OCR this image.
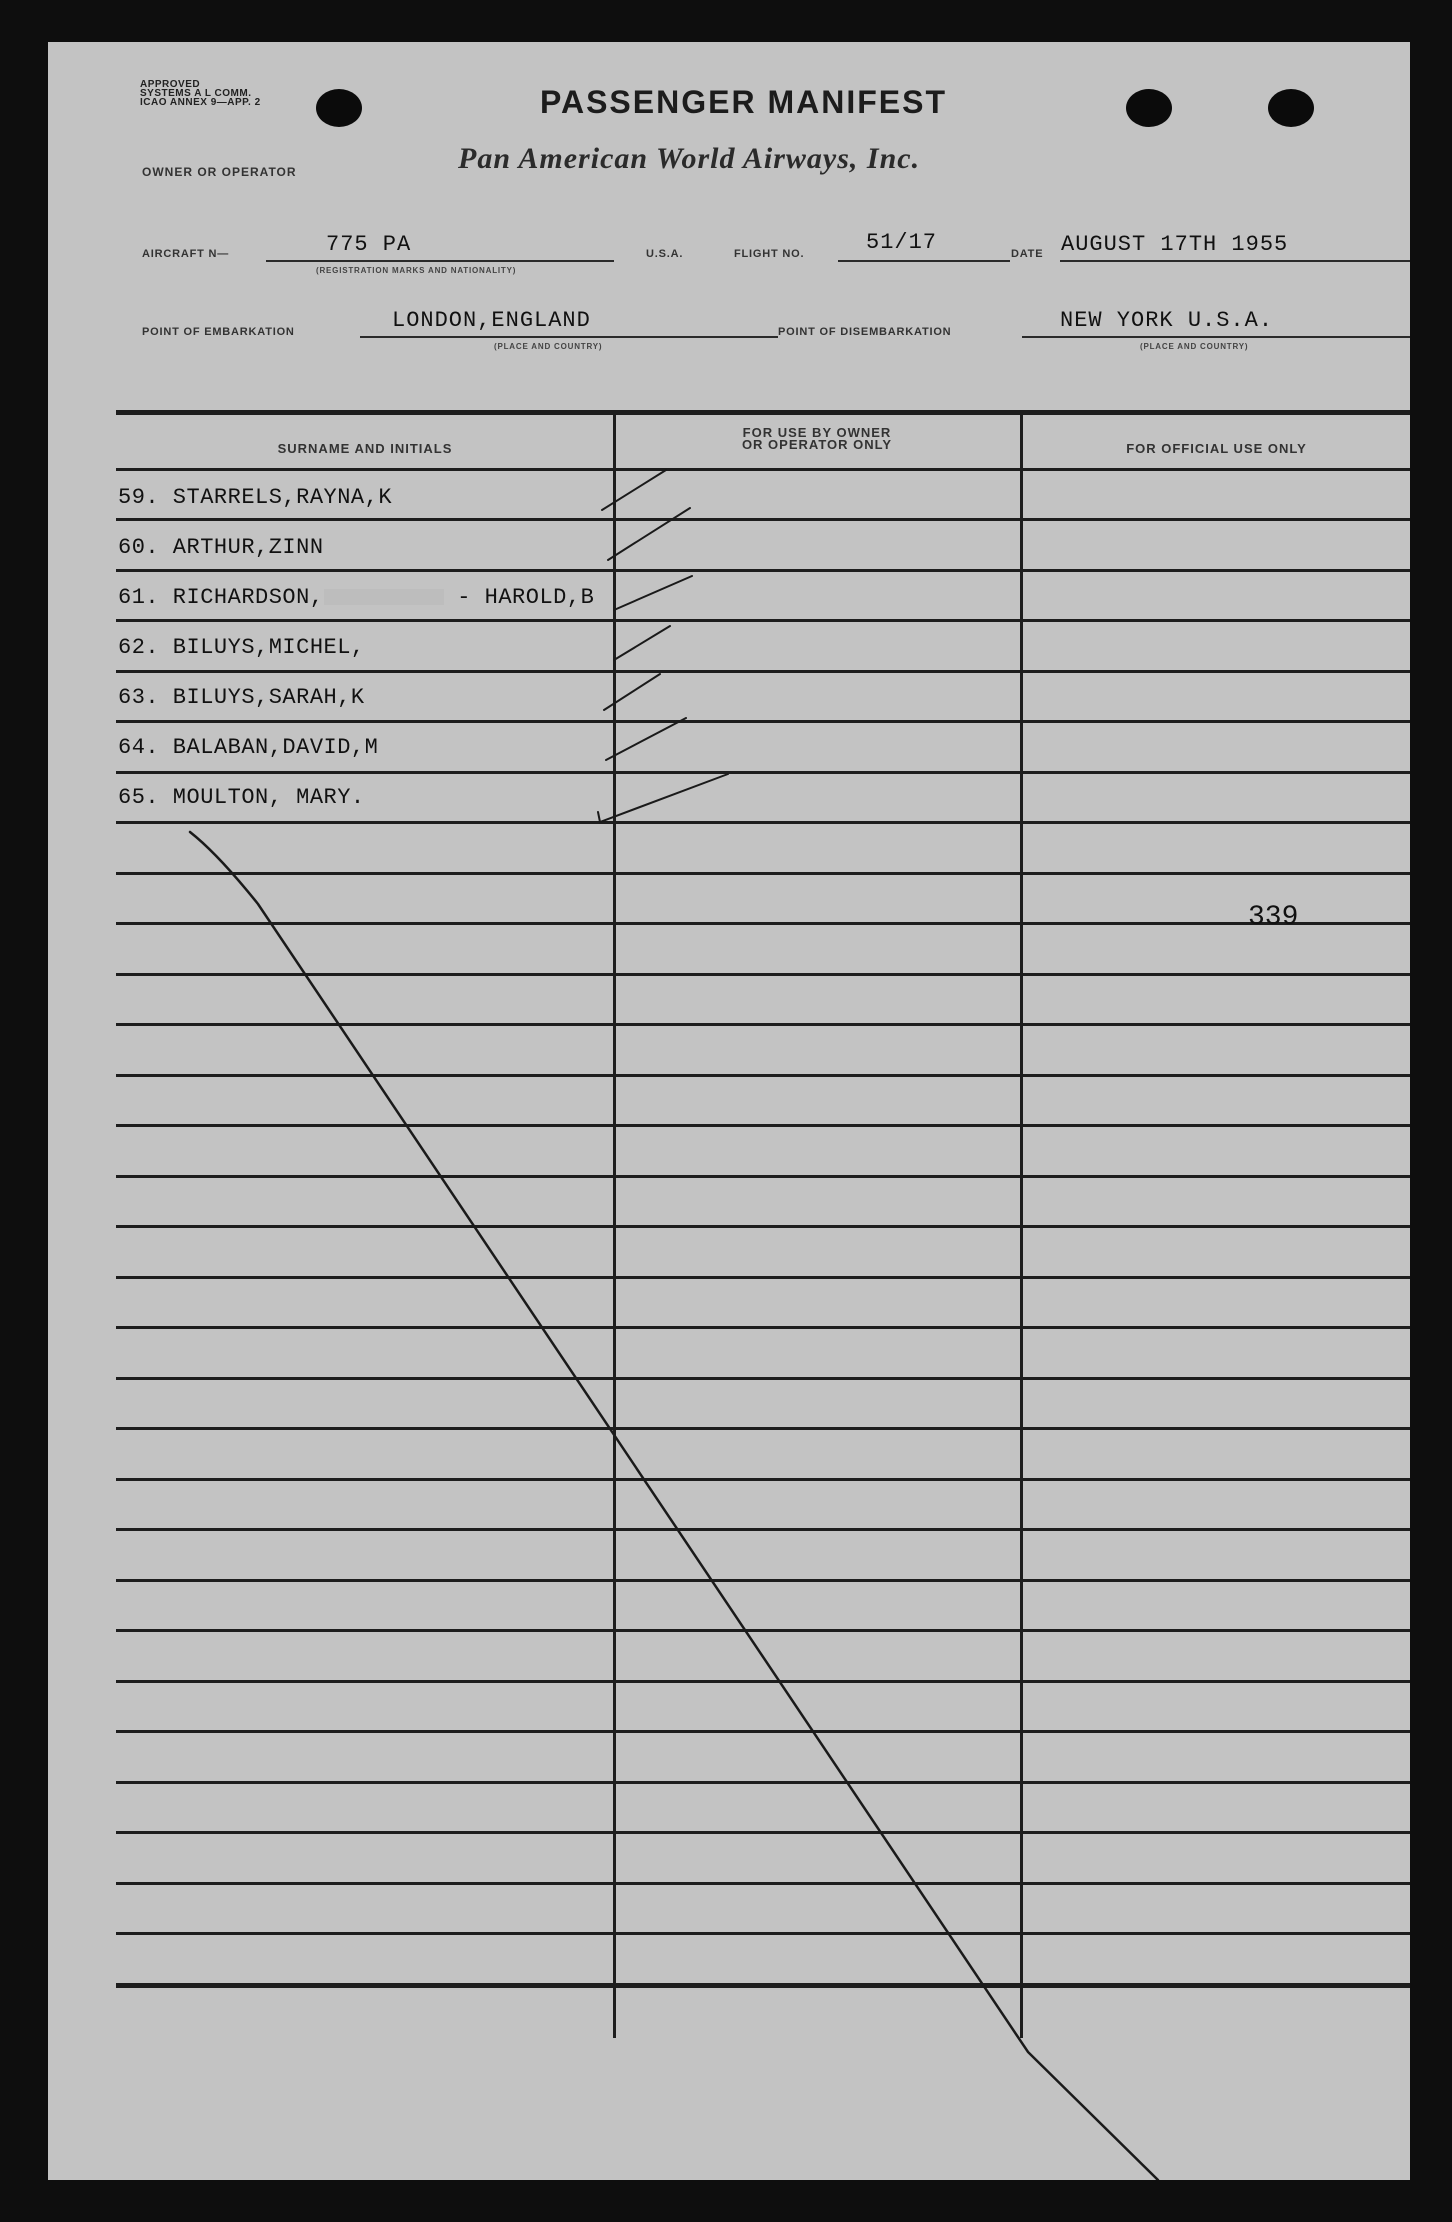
APPROVED
SYSTEMS A L COMM.
ICAO ANNEX 9—APP. 2
OWNER OR OPERATOR
PASSENGER MANIFEST
Pan American World Airways, Inc.
AIRCRAFT N—	775 PA
(REGISTRATION MARKS AND NATIONALITY)
U.S.A.	FLIGHT NO.	51/17	DATE AUGUST 17TH 1955
POINT OF EMBARKATION	LONDON,ENGLAND
(PLACE AND COUNTRY)
POINT OF DISEMBARKATION	NEW YORK U.S.A.
(PLACE AND COUNTRY)
SURNAME AND INITIALS
FOR USE BY OWNER
OR OPERATOR ONLY	FOR OFFICIAL USE ONLY
59. STARRELS,RAYNA,K
60. ARTHUR,ZINN
61. RICHARDSON,	- HAROLD,B
62. BILUYS,MICHEL,
63. BILUYS,SARAH,K
64. BALABAN,DAVID,M
65. MOULTON, MARY.
339
